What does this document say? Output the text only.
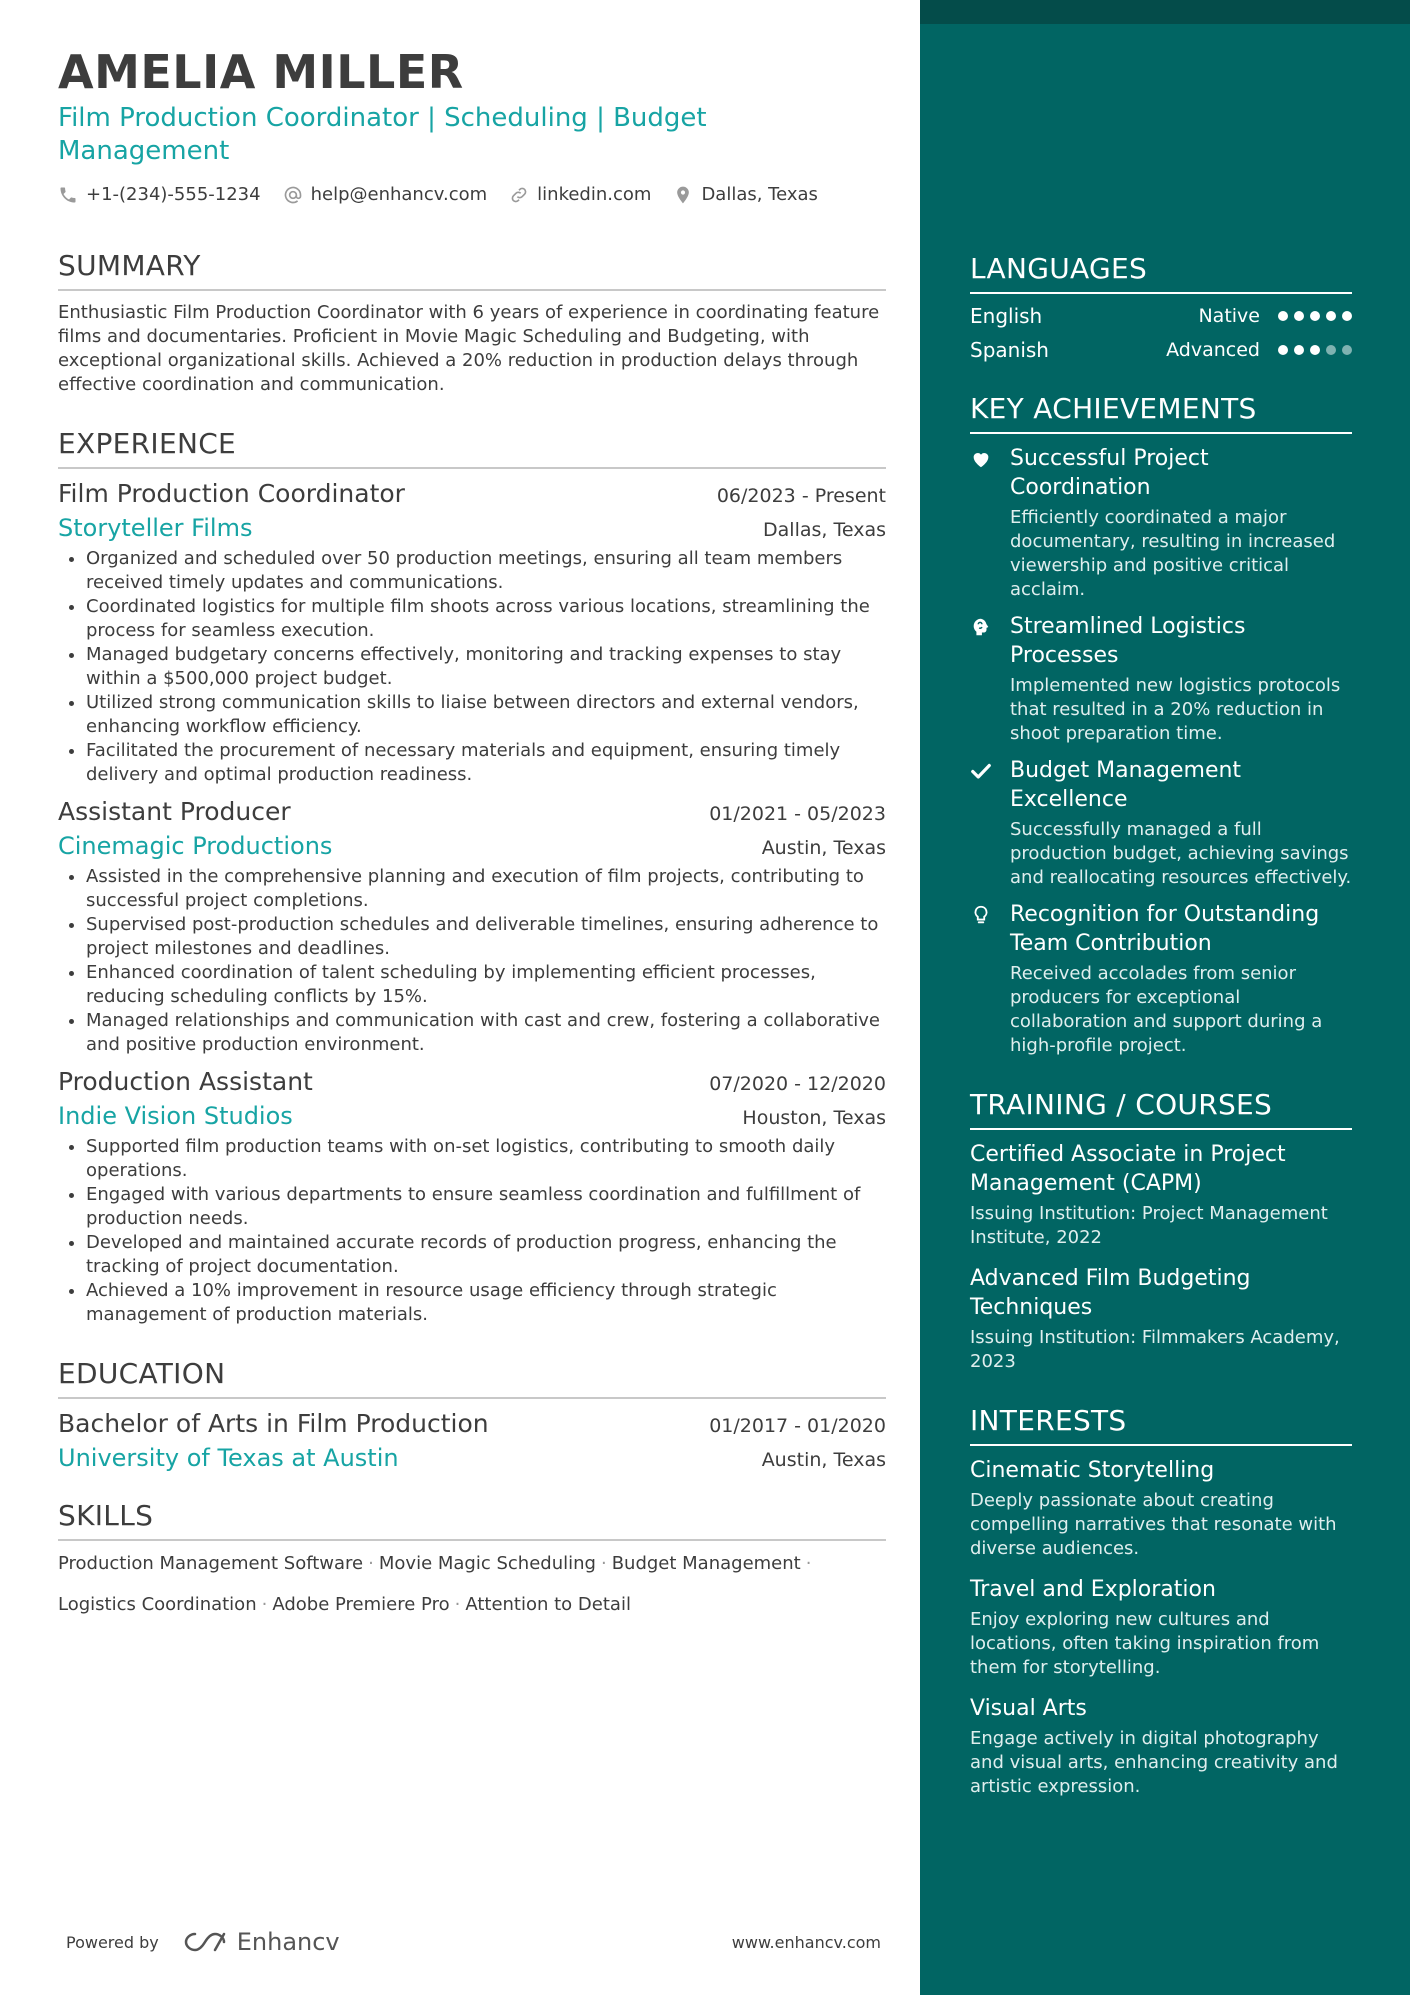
AMELIA MILLER
Film Production Coordinator | Scheduling | Budget Management
+1-(234)-555-1234	help@enhancv.com	linkedin.com	Dallas, Texas
SUMMARY
Enthusiastic Film Production Coordinator with 6 years of experience in coordinating feature films and documentaries. Proficient in Movie Magic Scheduling and Budgeting, with exceptional organizational skills. Achieved a 20% reduction in production delays through effective coordination and communication.
EXPERIENCE
Film Production Coordinator	06/2023 - Present
Storyteller Films	Dallas, Texas
• Organized and scheduled over 50 production meetings, ensuring all team members received timely updates and communications.
• Coordinated logistics for multiple film shoots across various locations, streamlining the process for seamless execution.
• Managed budgetary concerns effectively, monitoring and tracking expenses to stay within a $500,000 project budget.
• Utilized strong communication skills to liaise between directors and external vendors, enhancing workflow efficiency.
• Facilitated the procurement of necessary materials and equipment, ensuring timely delivery and optimal production readiness.
Assistant Producer	01/2021 - 05/2023
Cinemagic Productions	Austin, Texas
• Assisted in the comprehensive planning and execution of film projects, contributing to successful project completions.
• Supervised post-production schedules and deliverable timelines, ensuring adherence to project milestones and deadlines.
• Enhanced coordination of talent scheduling by implementing efficient processes, reducing scheduling conflicts by 15%.
• Managed relationships and communication with cast and crew, fostering a collaborative and positive production environment.
Production Assistant	07/2020 - 12/2020
Indie Vision Studios	Houston, Texas
• Supported film production teams with on-set logistics, contributing to smooth daily operations.
• Engaged with various departments to ensure seamless coordination and fulfillment of production needs.
• Developed and maintained accurate records of production progress, enhancing the tracking of project documentation.
• Achieved a 10% improvement in resource usage efficiency through strategic management of production materials.
EDUCATION
Bachelor of Arts in Film Production	01/2017 - 01/2020
University of Texas at Austin	Austin, Texas
SKILLS
Production Management Software · Movie Magic Scheduling · Budget Management ·
Logistics Coordination · Adobe Premiere Pro · Attention to Detail
Powered by	Enhancv	www.enhancv.com
LANGUAGES
English	Native
Spanish	Advanced
KEY ACHIEVEMENTS
Successful Project Coordination
Efficiently coordinated a major documentary, resulting in increased viewership and positive critical acclaim.
Streamlined Logistics Processes
Implemented new logistics protocols that resulted in a 20% reduction in shoot preparation time.
Budget Management Excellence
Successfully managed a full production budget, achieving savings and reallocating resources effectively.
Recognition for Outstanding Team Contribution
Received accolades from senior producers for exceptional collaboration and support during a high-profile project.
TRAINING / COURSES
Certified Associate in Project Management (CAPM)
Issuing Institution: Project Management Institute, 2022
Advanced Film Budgeting Techniques
Issuing Institution: Filmmakers Academy, 2023
INTERESTS
Cinematic Storytelling
Deeply passionate about creating compelling narratives that resonate with diverse audiences.
Travel and Exploration
Enjoy exploring new cultures and locations, often taking inspiration from them for storytelling.
Visual Arts
Engage actively in digital photography and visual arts, enhancing creativity and artistic expression.
